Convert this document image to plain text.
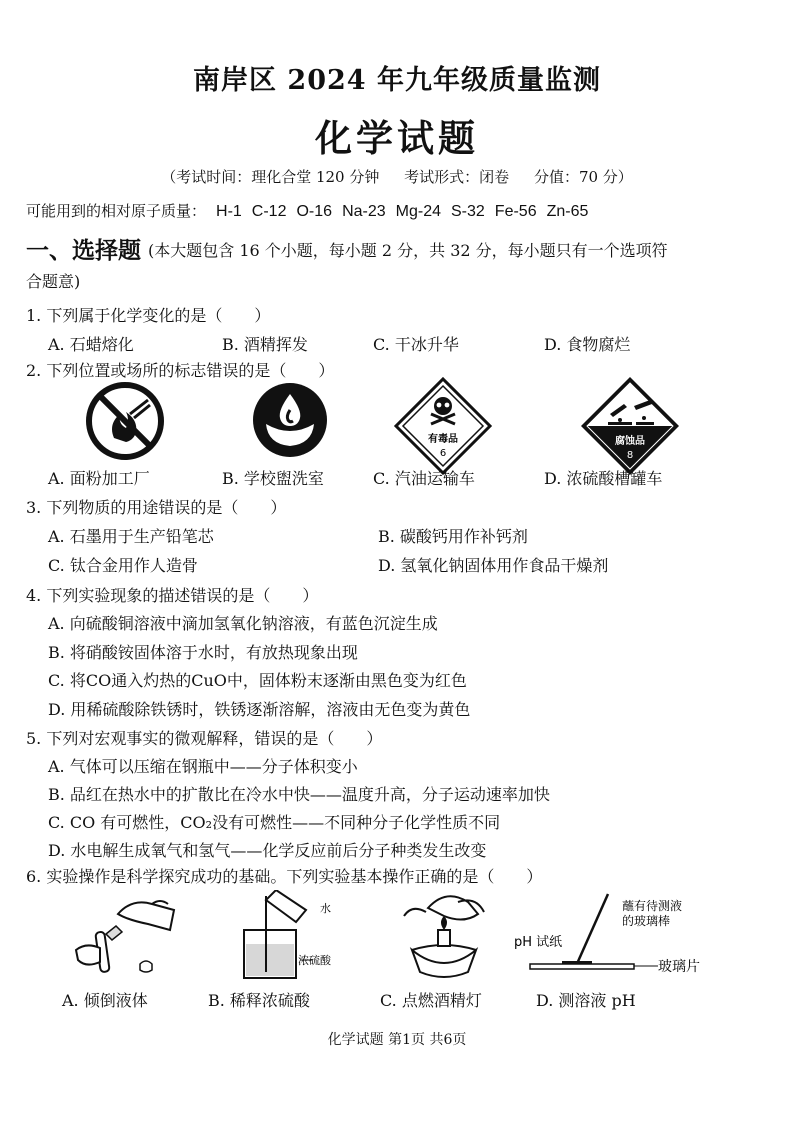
南岸区 2024 年九年级质量监测
化学试题
（考试时间：理化合堂 120 分钟 考试形式：闭卷 分值：70 分）
可能用到的相对原子质量： H-1 C-12 O-16 Na-23 Mg-24 S-32 Fe-56 Zn-65
一、选择题 (本大题包含 16 个小题，每小题 2 分，共 32 分，每小题只有一个选项符
合题意)
1. 下列属于化学变化的是（　　）
A. 石蜡熔化	B. 酒精挥发	C. 干冰升华	D. 食物腐烂
2. 下列位置或场所的标志错误的是（　　）
有毒品
6
腐蚀品
8
A. 面粉加工厂	B. 学校盥洗室	C. 汽油运输车	D. 浓硫酸槽罐车
3. 下列物质的用途错误的是（　　）
A. 石墨用于生产铅笔芯	B. 碳酸钙用作补钙剂
C. 钛合金用作人造骨	D. 氢氧化钠固体用作食品干燥剂
4. 下列实验现象的描述错误的是（　　）
A. 向硫酸铜溶液中滴加氢氧化钠溶液，有蓝色沉淀生成
B. 将硝酸铵固体溶于水时，有放热现象出现
C. 将CO通入灼热的CuO中，固体粉末逐渐由黑色变为红色
D. 用稀硫酸除铁锈时，铁锈逐渐溶解，溶液由无色变为黄色
5. 下列对宏观事实的微观解释，错误的是（　　）
A. 气体可以压缩在钢瓶中——分子体积变小
B. 品红在热水中的扩散比在冷水中快——温度升高，分子运动速率加快
C. CO 有可燃性，CO₂没有可燃性——不同种分子化学性质不同
D. 水电解生成氧气和氢气——化学反应前后分子种类发生改变
6. 实验操作是科学探究成功的基础。下列实验基本操作正确的是（　　）
水
浓硫酸
蘸有待测液的玻璃棒
pH 试纸
玻璃片
A. 倾倒液体	B. 稀释浓硫酸	C. 点燃酒精灯	D. 测溶液 pH
化学试题 第1页 共6页
